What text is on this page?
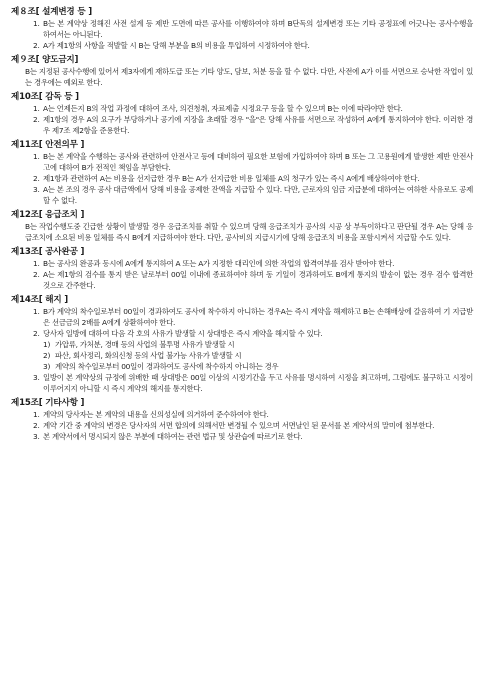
제８조[ 설계변경 등 ]
1. B는 본 계약상 정해진 사전 설계 등 제반 도면에 따른 공사를 이행하여야 하며 B단독의 설계변경 또는 기타 공정표에 어긋나는 공사수행을 하여서는 아니된다.
2. A가 제1항의 사항을 적발할 시 B는 당해 부분을 B의 비용을 투입하여 시정하여야 한다.
제９조[ 양도금지]
B는 지정된 공사수행에 있어서 제3자에게 재하도급 또는 기타 양도, 담보, 처분 등을 할 수 없다. 다만, 사전에 A가 이를 서면으로 승낙한 작업이 있는 경우에는 예외로 한다.
제10조[ 감독 등 ]
1. A는 언제든지 B의 작업 과정에 대하여 조사, 의견청취, 자료제출 시정요구 등을 할 수 있으며 B는 이에 따라야만 한다.
2. 제1항의 경우 A의 요구가 부당하거나 공기에 지장을 초래할 경우 "을"은 당해 사유를 서면으로 작성하여 A에게 통지하여야 한다. 이러한 경우 제7조 제2항을 준용한다.
제11조[ 안전의무 ]
1. B는 본 계약을 수행하는 공사와 관련하여 안전사고 등에 대비하여 필요한 보험에 가입하여야 하며 B 또는 그 고용원에게 발생한 제반 안전사고에 대하여 B가 전적인 책임을 부담한다.
2. 제1항과 관련하여 A는 비용을 선지급한 경우 B는 A가 선지급한 비용 일체를 A의 청구가 있는 즉시 A에게 배상하여야 한다.
3. A는 본 조의 경우 공사 대금액에서 당해 비용을 공제한 잔액을 지급할 수 있다. 다만, 근로자의 임금 지급분에 대하여는 여하한 사유로도 공제할 수 없다.
제12조[ 응급조치 ]
B는 작업수행도중 긴급한 상황이 발생할 경우 응급조치를 취할 수 있으며 당해 응급조치가 공사의 시공 상 부득이하다고 판단될 경우 A는 당해 응급조치에 소요된 비용 일체를 즉시 B에게 지급하여야 한다. 다만, 공사비의 지급시기에 당해 응급조치 비용을 포함시켜서 지급할 수도 있다.
제13조[ 공사완공 ]
1. B는 공사의 완공과 동시에 A에게 통지하여 A 또는 A가 지정한 대리인에 의한 작업의 합격여부를 검사 받아야 한다.
2. A는 제1항의 검수를 통지 받은 날로부터 00일 이내에 종료하여야 하며 동 기일이 경과하여도 B에게 통지의 발송이 없는 경우 검수 합격한 것으로 간주한다.
제14조[ 해지 ]
1. B가 계약의 착수일로부터 00일이 경과하여도 공사에 착수하지 아니하는 경우A는 즉시 계약을 해제하고 B는 손해배상에 갈음하여 기 지급받은 선금금의 2배를 A에게 상환하여야 한다.
2. 당사자 일방에 대하여 다음 각 호의 사유가 발생할 시 상대방은 즉시 계약을 해지할 수 있다.
1) 가압류, 가처분, 경매 등의 사업의 불투명 사유가 발생할 시
2) 파산, 회사정리, 화의신청 등의 사업 불가능 사유가 발생할 시
3) 계약의 착수일로부터 00일이 경과하여도 공사에 착수하지 아니하는 경우
3. 일방이 본 계약상의 규정에 위배한 때 상대방은 00일 이상의 시정기간을 두고 사유를 명시하여 시정을 최고하며, 그럼에도 불구하고 시정이 이루어지지 아니할 시 즉시 계약의 해지를 통지한다.
제15조[ 기타사항 ]
1. 계약의 당사자는 본 계약의 내용을 신의성실에 의거하여 준수하여야 한다.
2. 계약 기간 중 계약의 변경은 당사자의 서면 합의에 의해서만 변경될 수 있으며 서면날인 된 문서를 본 계약서의 말미에 첨부한다.
3. 본 계약서에서 명시되지 않은 부분에 대하여는 관련 법규 및 상관습에 따르기로 한다.
